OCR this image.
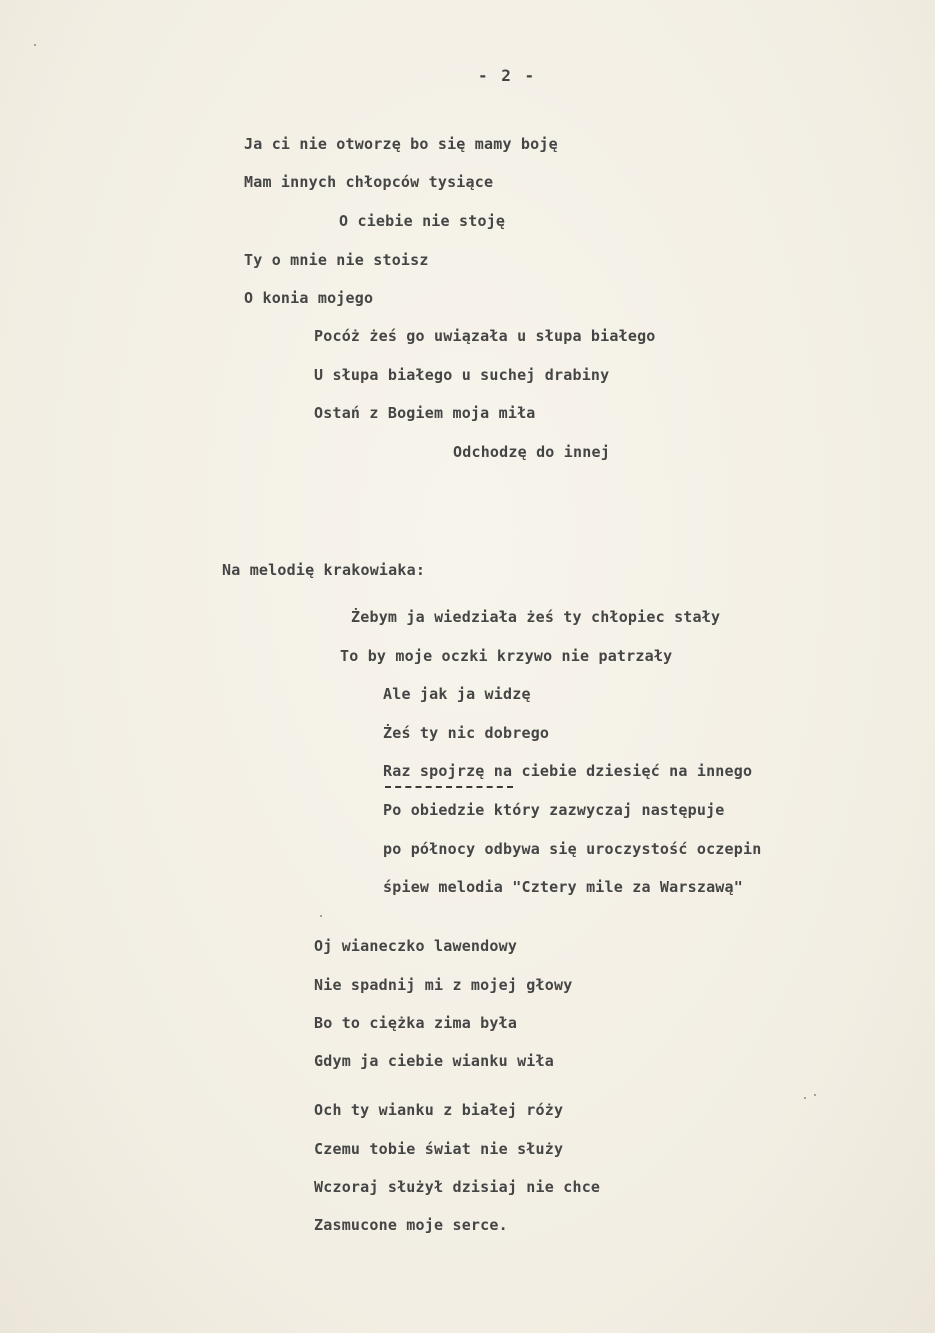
- 2 -
Ja ci nie otworzę bo się mamy boję
Mam innych chłopców tysiące
O ciebie nie stoję
Ty o mnie nie stoisz
O konia mojego
Pocóż żeś go uwiązała u słupa białego
U słupa białego u suchej drabiny
Ostań z Bogiem moja miła
Odchodzę do innej
Na melodię krakowiaka:
Żebym ja wiedziała żeś ty chłopiec stały
To by moje oczki krzywo nie patrzały
Ale jak ja widzę
Żeś ty nic dobrego
Raz spojrzę na ciebie dziesięć na innego
Po obiedzie który zazwyczaj następuje
po północy odbywa się uroczystość oczepin
śpiew melodia "Cztery mile za Warszawą"
Oj wianeczko lawendowy
Nie spadnij mi z mojej głowy
Bo to ciężka zima była
Gdym ja ciebie wianku wiła
Och ty wianku z białej róży
Czemu tobie świat nie służy
Wczoraj służył dzisiaj nie chce
Zasmucone moje serce.
